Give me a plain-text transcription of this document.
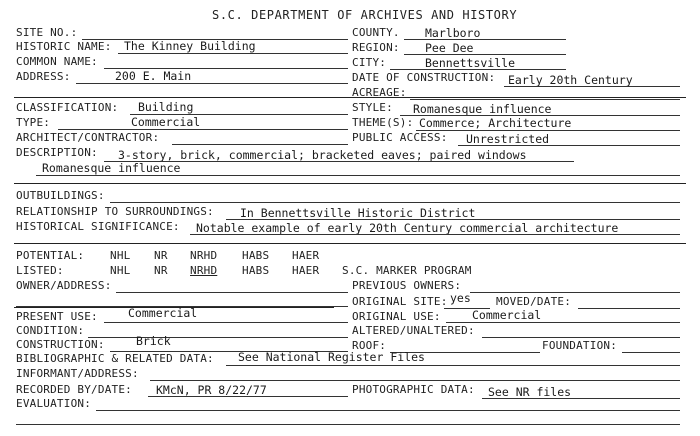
S.C. DEPARTMENT OF ARCHIVES AND HISTORY
SITE NO.:
HISTORIC NAME: The Kinney Building
COMMON NAME:
ADDRESS:	200 E. Main
COUNTY. Marlboro
REGION: Pee Dee
CITY:	Bennettsville
DATE OF CONSTRUCTION: Early 20th Century
ACREAGE:
CLASSIFICATION: Building
TYPE:	Commercial
ARCHITECT/CONTRACTOR:
DESCRIPTION: 3-story, brick, commercial; bracketed eaves; paired windows
Romanesque influence
STYLE: Romanesque influence
THEME(S): Commerce; Architecture
PUBLIC ACCESS: Unrestricted
OUTBUILDINGS:
RELATIONSHIP TO SURROUNDINGS: In Bennettsville Historic District
HISTORICAL SIGNIFICANCE: Notable example of early 20th Century commercial architecture
POTENTIAL: NHL NR NRHD HABS HAER
LISTED:	NHL NR NRHD HABS HAER
OWNER/ADDRESS:
S.C. MARKER PROGRAM
PREVIOUS OWNERS:
ORIGINAL SITE: yes MOVED/DATE:
PRESENT USE:	Commercial
CONDITION:
CONSTRUCTION:	Brick
ORIGINAL USE:	Commercial
ALTERED/UNALTERED:
ROOF:	FOUNDATION:
BIBLIOGRAPHIC & RELATED DATA: See National Register Files
INFORMANT/ADDRESS:
RECORDED BY/DATE: KMcN, PR 8/22/77	PHOTOGRAPHIC DATA: See NR files
EVALUATION:
